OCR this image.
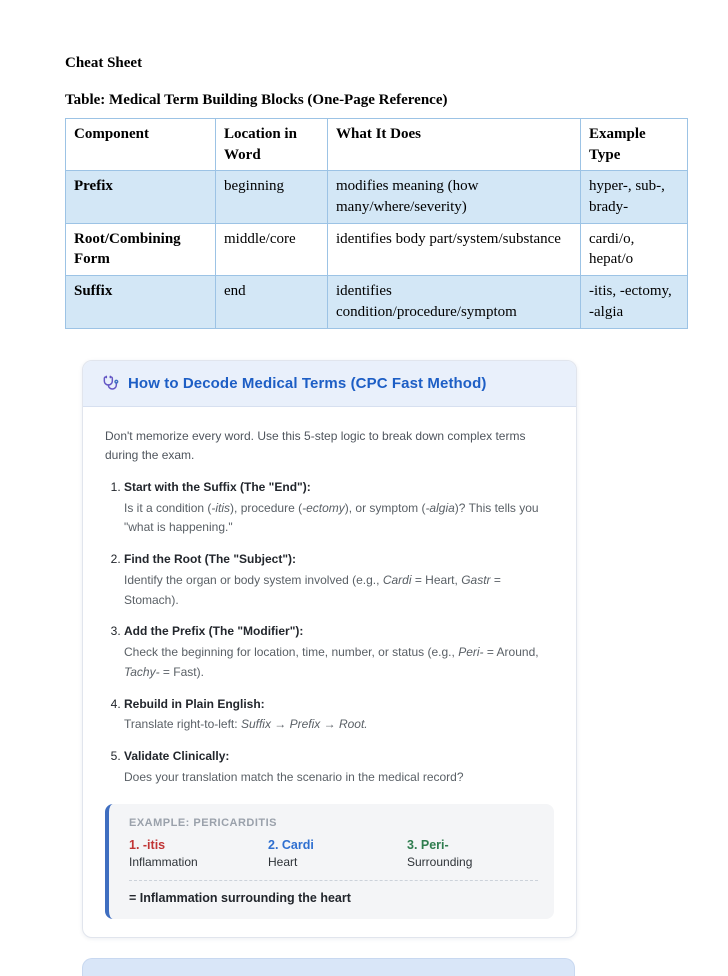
Cheat Sheet
Table: Medical Term Building Blocks (One-Page Reference)
Component	Location in Word	What It Does	Example Type
Prefix	beginning	modifies meaning (how many/where/severity)	hyper-, sub-, brady-
Root/Combining Form	middle/core	identifies body part/system/substance	cardi/o, hepat/o
Suffix	end	identifies condition/procedure/symptom	-itis, -ectomy, -algia
How to Decode Medical Terms (CPC Fast Method)

Don't memorize every word. Use this 5-step logic to break down complex terms during the exam.

1. Start with the Suffix (The "End"):
Is it a condition (-itis), procedure (-ectomy), or symptom (-algia)? This tells you "what is happening."
2. Find the Root (The "Subject"):
Identify the organ or body system involved (e.g., Cardi = Heart, Gastr = Stomach).
3. Add the Prefix (The "Modifier"):
Check the beginning for location, time, number, or status (e.g., Peri- = Around, Tachy- = Fast).
4. Rebuild in Plain English:
Translate right-to-left: Suffix → Prefix → Root.
5. Validate Clinically:
Does your translation match the scenario in the medical record?
EXAMPLE: PERICARDITIS
1. -itis
Inflammation
2. Cardi
Heart
3. Peri-
Surrounding
= Inflammation surrounding the heart
